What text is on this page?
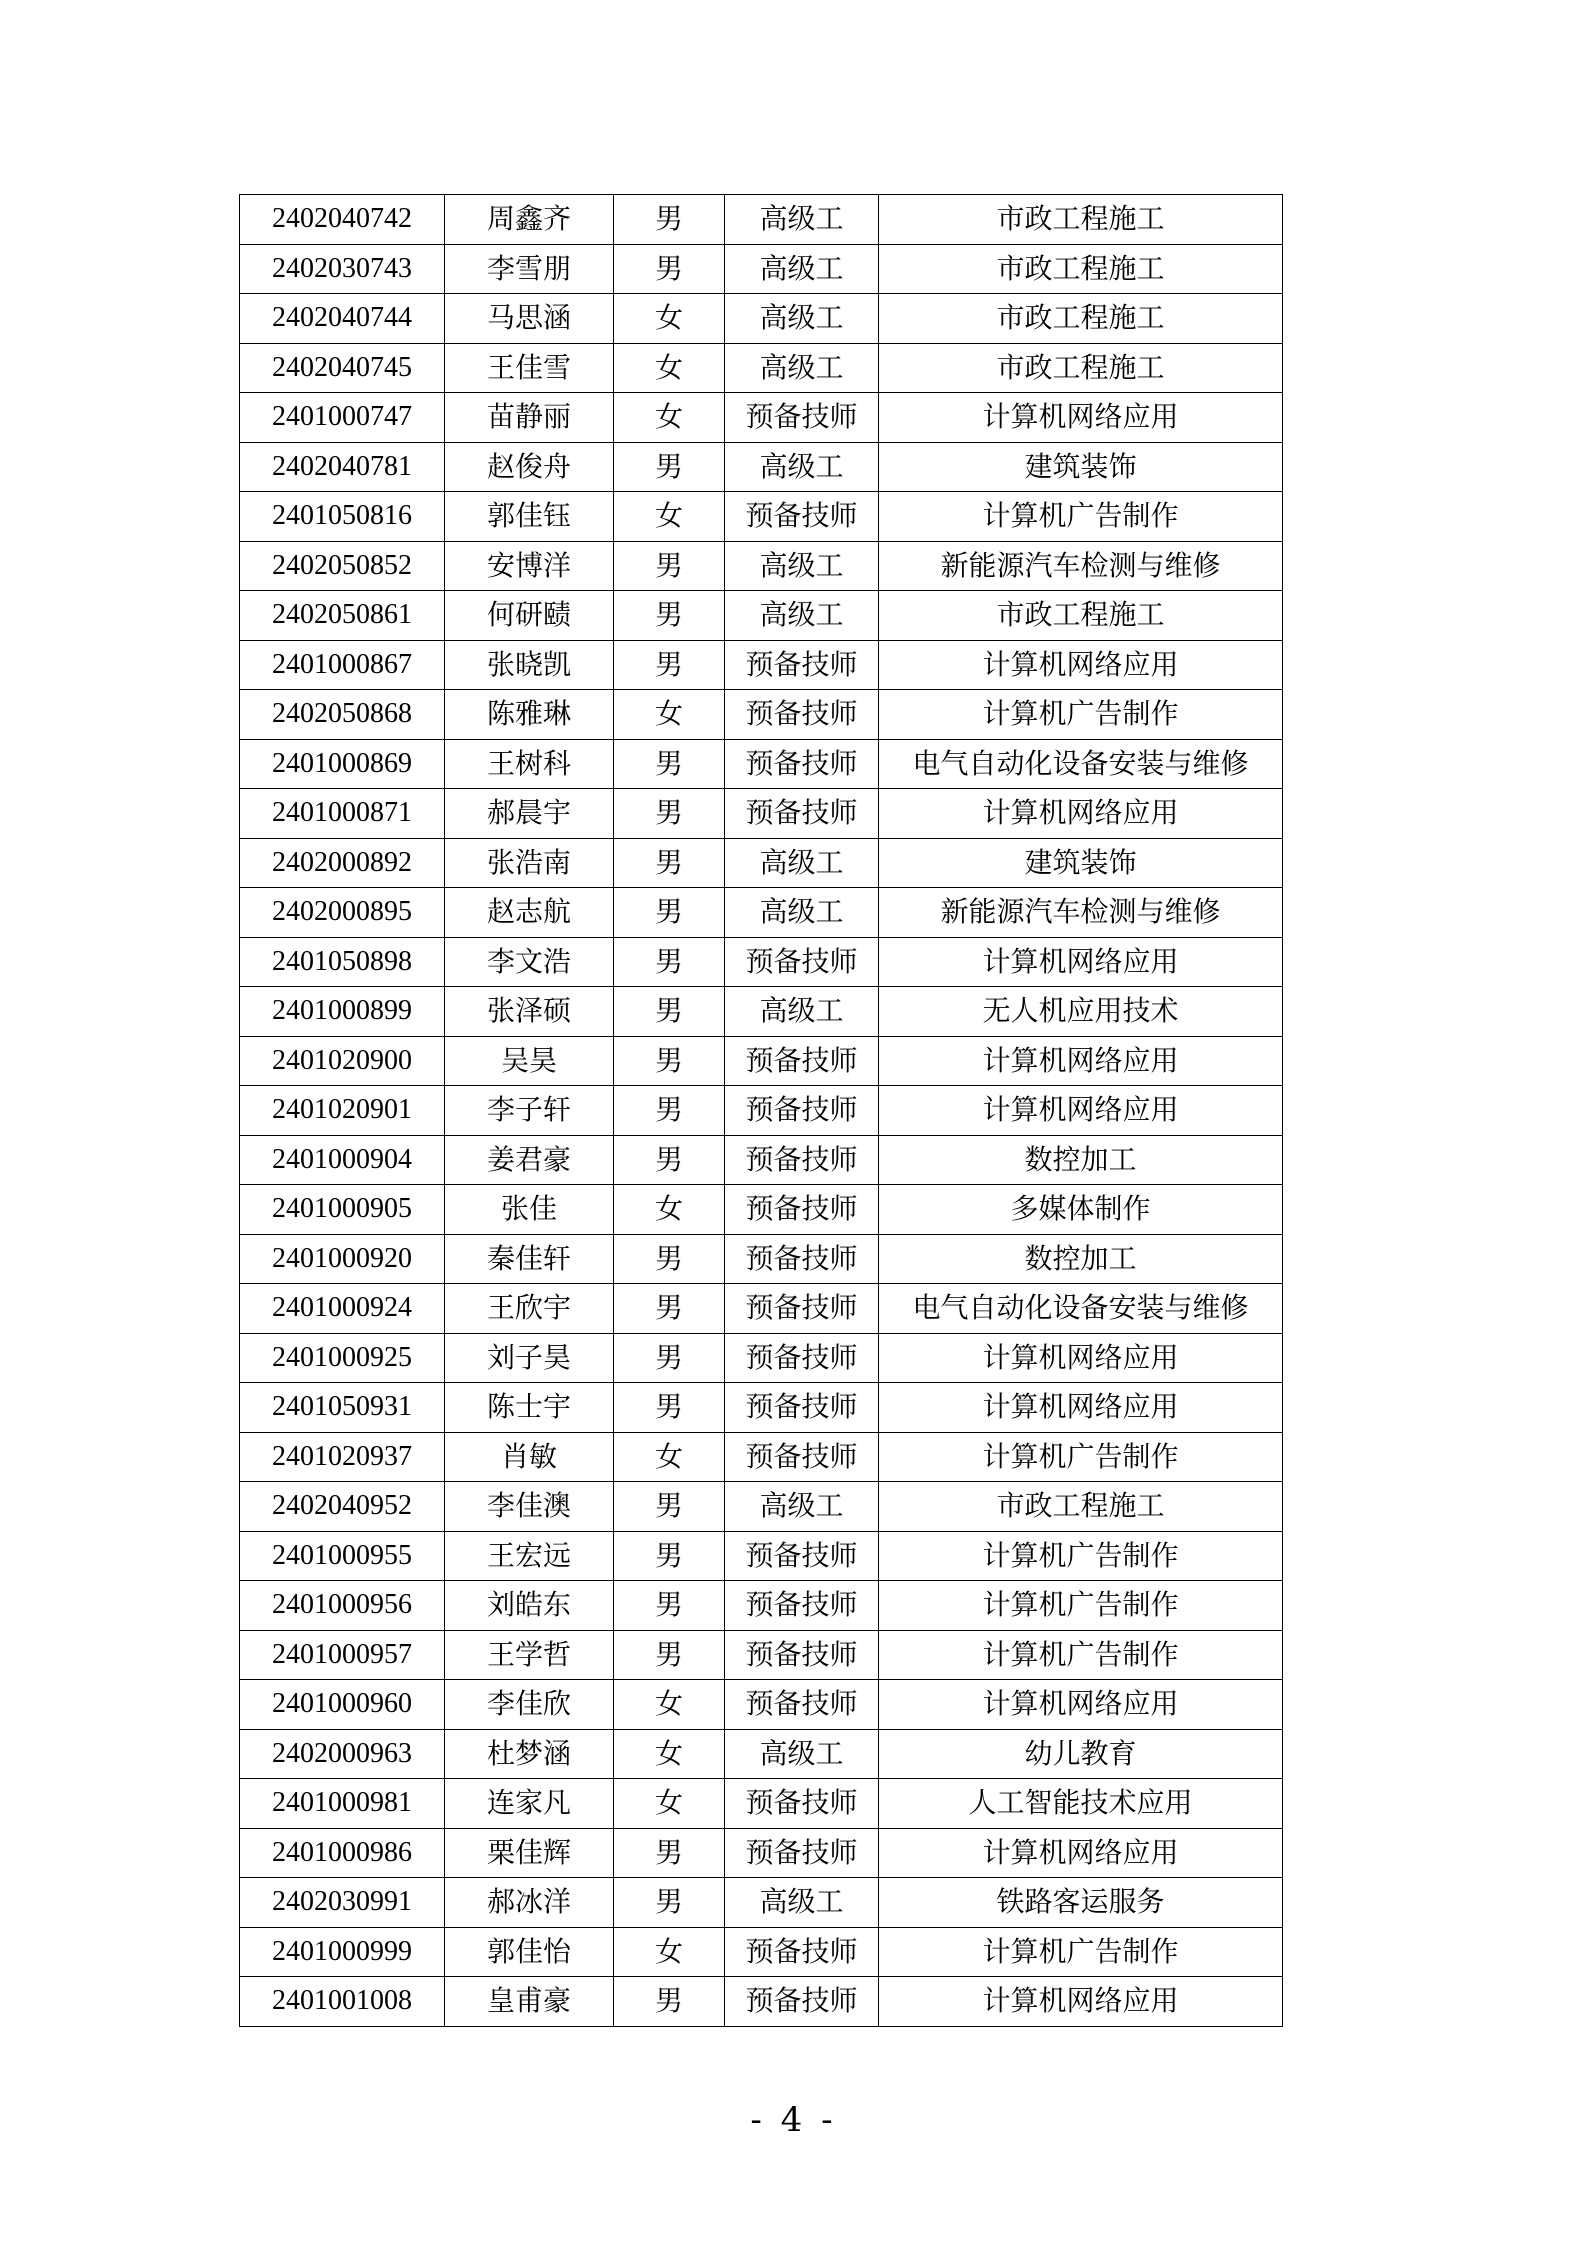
2402040742	周鑫齐	男	高级工	市政工程施工
2402030743	李雪朋	男	高级工	市政工程施工
2402040744	马思涵	女	高级工	市政工程施工
2402040745	王佳雪	女	高级工	市政工程施工
2401000747	苗静丽	女	预备技师	计算机网络应用
2402040781	赵俊舟	男	高级工	建筑装饰
2401050816	郭佳钰	女	预备技师	计算机广告制作
2402050852	安博洋	男	高级工	新能源汽车检测与维修
2402050861	何研赜	男	高级工	市政工程施工
2401000867	张晓凯	男	预备技师	计算机网络应用
2402050868	陈雅琳	女	预备技师	计算机广告制作
2401000869	王树科	男	预备技师	电气自动化设备安装与维修
2401000871	郝晨宇	男	预备技师	计算机网络应用
2402000892	张浩南	男	高级工	建筑装饰
2402000895	赵志航	男	高级工	新能源汽车检测与维修
2401050898	李文浩	男	预备技师	计算机网络应用
2401000899	张泽硕	男	高级工	无人机应用技术
2401020900	吴昊	男	预备技师	计算机网络应用
2401020901	李子轩	男	预备技师	计算机网络应用
2401000904	姜君豪	男	预备技师	数控加工
2401000905	张佳	女	预备技师	多媒体制作
2401000920	秦佳轩	男	预备技师	数控加工
2401000924	王欣宇	男	预备技师	电气自动化设备安装与维修
2401000925	刘子昊	男	预备技师	计算机网络应用
2401050931	陈士宇	男	预备技师	计算机网络应用
2401020937	肖敏	女	预备技师	计算机广告制作
2402040952	李佳澳	男	高级工	市政工程施工
2401000955	王宏远	男	预备技师	计算机广告制作
2401000956	刘皓东	男	预备技师	计算机广告制作
2401000957	王学哲	男	预备技师	计算机广告制作
2401000960	李佳欣	女	预备技师	计算机网络应用
2402000963	杜梦涵	女	高级工	幼儿教育
2401000981	连家凡	女	预备技师	人工智能技术应用
2401000986	栗佳辉	男	预备技师	计算机网络应用
2402030991	郝冰洋	男	高级工	铁路客运服务
2401000999	郭佳怡	女	预备技师	计算机广告制作
2401001008	皇甫豪	男	预备技师	计算机网络应用
- 4 -
